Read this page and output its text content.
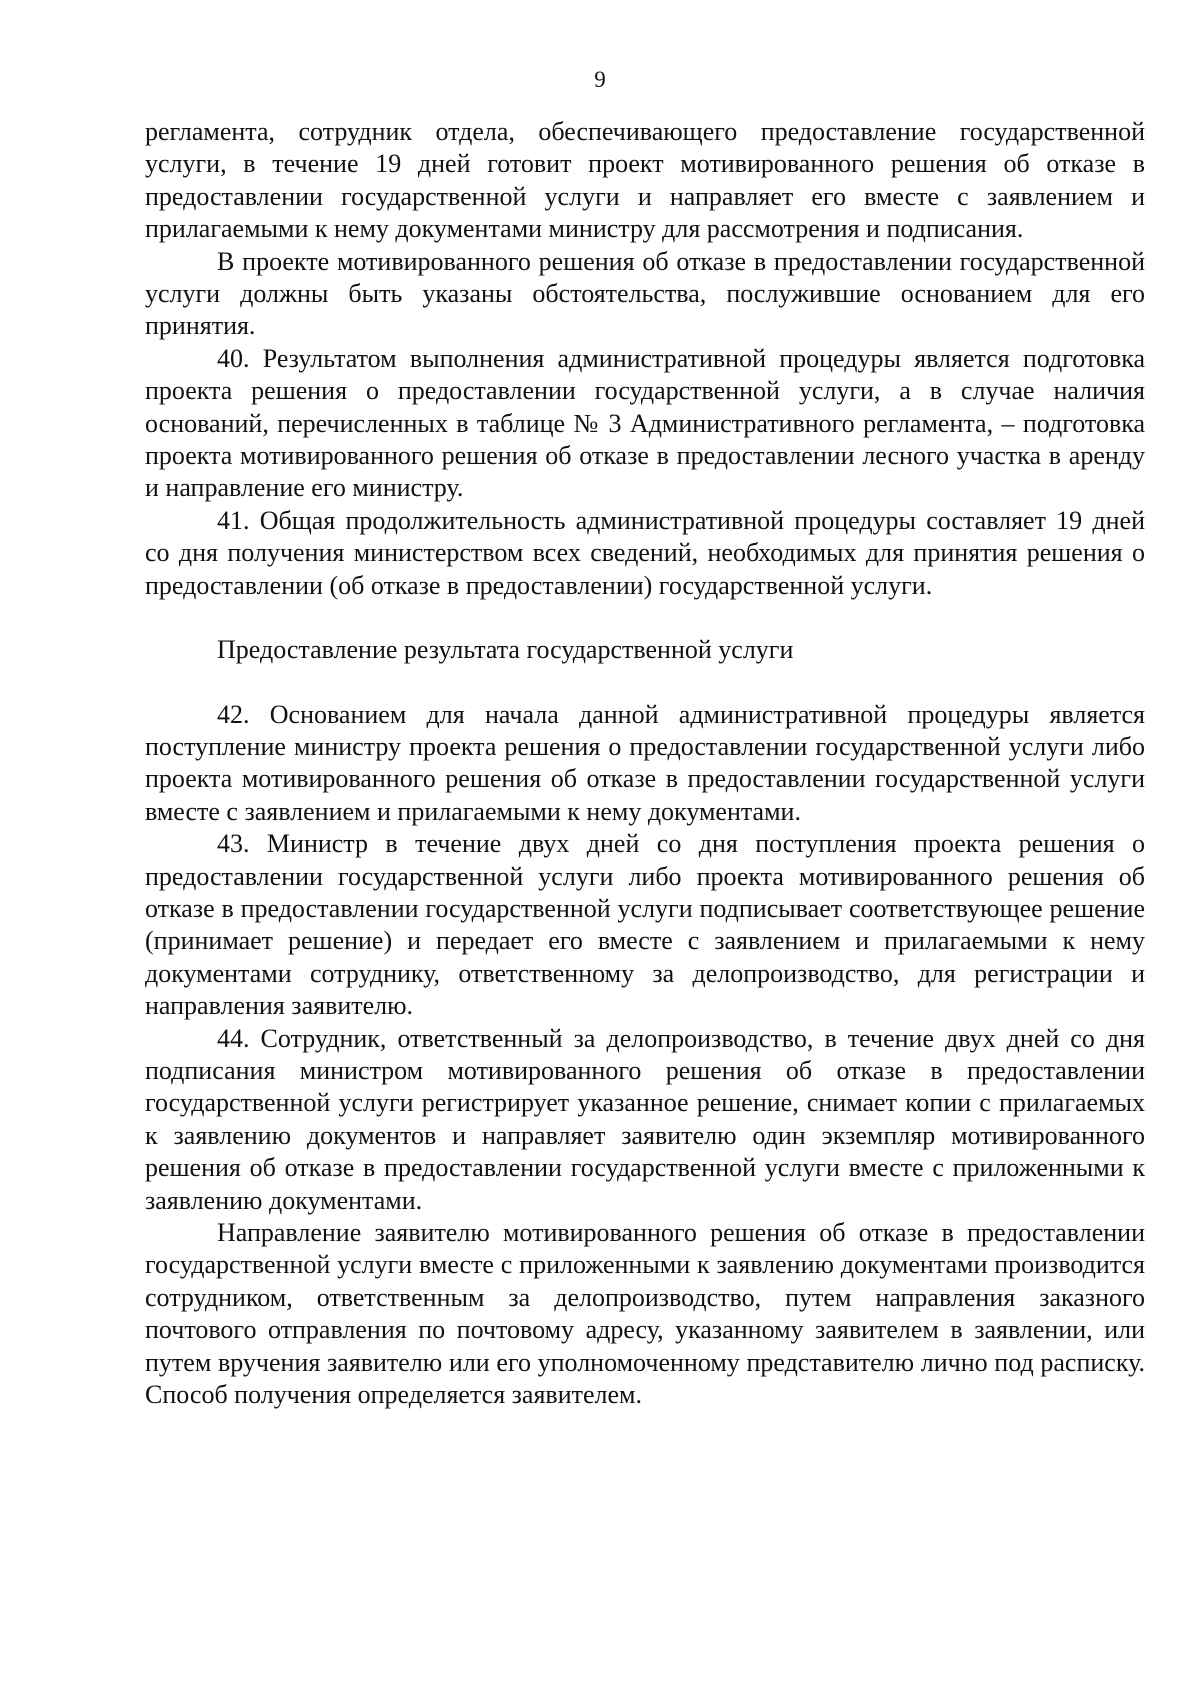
9

регламента, сотрудник отдела, обеспечивающего предоставление государственной услуги, в течение 19 дней готовит проект мотивированного решения об отказе в предоставлении государственной услуги и направляет его вместе с заявлением и прилагаемыми к нему документами министру для рассмотрения и подписания.

В проекте мотивированного решения об отказе в предоставлении государственной услуги должны быть указаны обстоятельства, послужившие основанием для его принятия.

40. Результатом выполнения административной процедуры является подготовка проекта решения о предоставлении государственной услуги, а в случае наличия оснований, перечисленных в таблице № 3 Административного регламента, – подготовка проекта мотивированного решения об отказе в предоставлении лесного участка в аренду и направление его министру.

41. Общая продолжительность административной процедуры составляет 19 дней со дня получения министерством всех сведений, необходимых для принятия решения о предоставлении (об отказе в предоставлении) государственной услуги.

Предоставление результата государственной услуги

42. Основанием для начала данной административной процедуры является поступление министру проекта решения о предоставлении государственной услуги либо проекта мотивированного решения об отказе в предоставлении государственной услуги вместе с заявлением и прилагаемыми к нему документами.

43. Министр в течение двух дней со дня поступления проекта решения о предоставлении государственной услуги либо проекта мотивированного решения об отказе в предоставлении государственной услуги подписывает соответствующее решение (принимает решение) и передает его вместе с заявлением и прилагаемыми к нему документами сотруднику, ответственному за делопроизводство, для регистрации и направления заявителю.

44. Сотрудник, ответственный за делопроизводство, в течение двух дней со дня подписания министром мотивированного решения об отказе в предоставлении государственной услуги регистрирует указанное решение, снимает копии с прилагаемых к заявлению документов и направляет заявителю один экземпляр мотивированного решения об отказе в предоставлении государственной услуги вместе с приложенными к заявлению документами.

Направление заявителю мотивированного решения об отказе в предоставлении государственной услуги вместе с приложенными к заявлению документами производится сотрудником, ответственным за делопроизводство, путем направления заказного почтового отправления по почтовому адресу, указанному заявителем в заявлении, или путем вручения заявителю или его уполномоченному представителю лично под расписку. Способ получения определяется заявителем.
